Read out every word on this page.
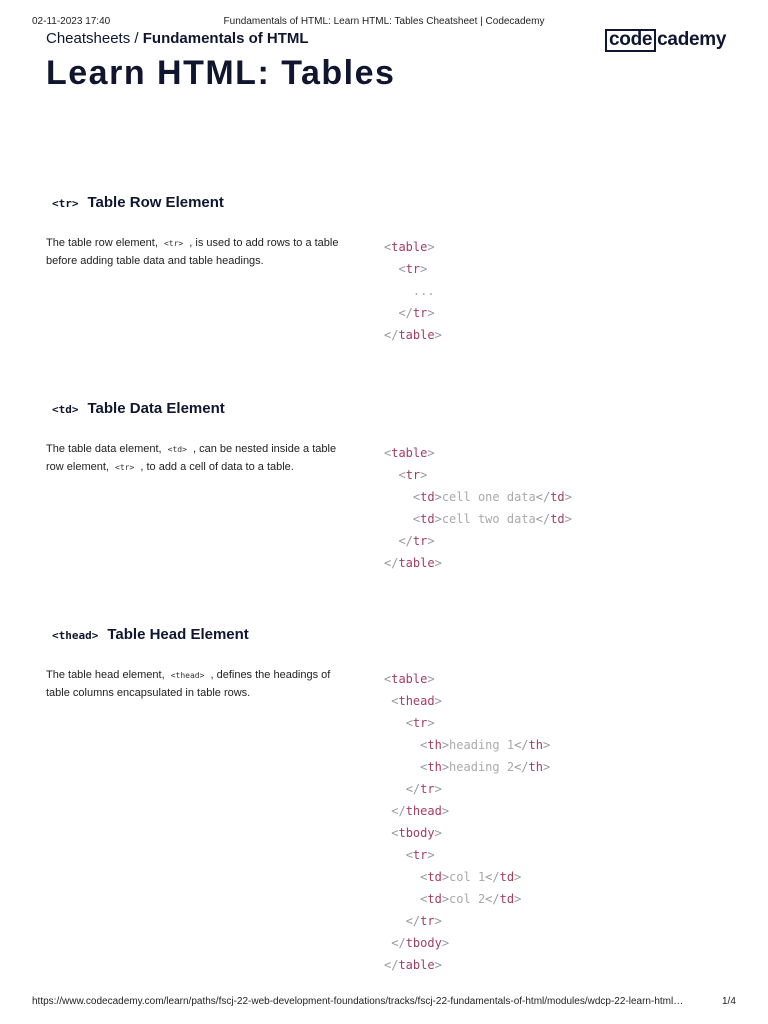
02-11-2023 17:40	Fundamentals of HTML: Learn HTML: Tables Cheatsheet | Codecademy
Cheatsheets / Fundamentals of HTML	code cademy
Learn HTML: Tables
<tr> Table Row Element
The table row element, <tr> , is used to add rows to a table before adding table data and table headings.
<table>
<tr>
...
</tr>
</table>
<td> Table Data Element
The table data element, <td> , can be nested inside a table row element, <tr> , to add a cell of data to a table.
<table>
<tr>
<td>cell one data</td>
<td>cell two data</td>
</tr>
</table>
<thead> Table Head Element
The table head element, <thead> , defines the headings of table columns encapsulated in table rows.
<table>
<thead>
<tr>
<th>heading 1</th>
<th>heading 2</th>
</tr>
</thead>
<tbody>
<tr>
<td>col 1</td>
<td>col 2</td>
</tr>
</tbody>
</table>
https://www.codecademy.com/learn/paths/fscj-22-web-development-foundations/tracks/fscj-22-fundamentals-of-html/modules/wdcp-22-learn-html…	1/4
